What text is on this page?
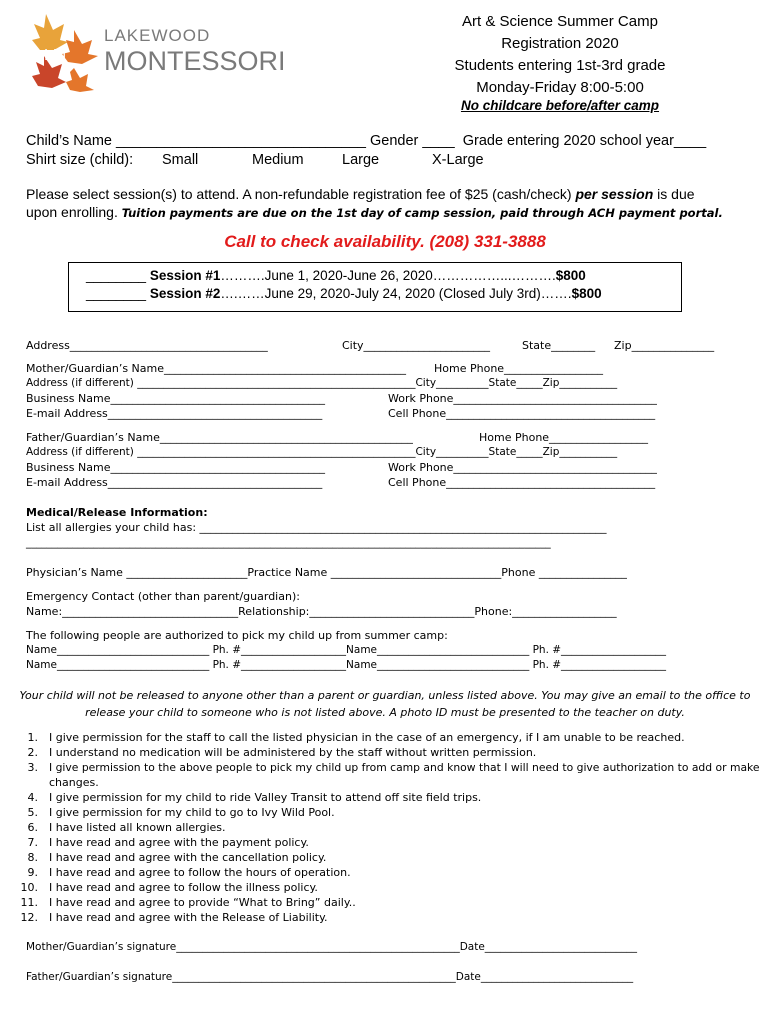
LM
LAKEWOOD
MONTESSORI
Art & Science Summer Camp
Registration 2020
Students entering 1st-3rd grade
Monday-Friday 8:00-5:00
No childcare before/after camp
Child’s Name _______________________________ Gender ____  Grade entering 2020 school year____
Shirt size (child): Small	Medium	Large	X-Large
Please select session(s) to attend. A non-refundable registration fee of $25 (cash/check) per session is due
upon enrolling. Tuition payments are due on the 1st day of camp session, paid through ACH payment portal.
Call to check availability. (208) 331-3888
________ Session #1……….June 1, 2020-June 26, 2020……………...……….$800
________ Session #2….……June 29, 2020-July 24, 2020 (Closed July 3rd)…….$800
Address____________________________________	City_______________________	State________ Zip_______________
Mother/Guardian’s Name____________________________________________	Home Phone__________________
Address (if different) _____________________________________________________City__________State_____Zip___________
Business Name_______________________________________	Work Phone_____________________________________
E-mail Address_______________________________________	Cell Phone______________________________________
Father/Guardian’s Name______________________________________________	Home Phone__________________
Address (if different) _____________________________________________________City__________State_____Zip___________
Business Name_______________________________________	Work Phone_____________________________________
E-mail Address_______________________________________	Cell Phone______________________________________
Medical/Release Information:
List all allergies your child has: __________________________________________________________________________
_____________________________________________________________________________________________________
Physician’s Name ______________________Practice Name _______________________________Phone ________________
Emergency Contact (other than parent/guardian):
Name:________________________________Relationship:______________________________Phone:___________________
The following people are authorized to pick my child up from summer camp:
Name_____________________________ Ph. #____________________Name_____________________________ Ph. #____________________
Name_____________________________ Ph. #____________________Name_____________________________ Ph. #____________________
Your child will not be released to anyone other than a parent or guardian, unless listed above. You may give an email to the office to
release your child to someone who is not listed above. A photo ID must be presented to the teacher on duty.
1. I give permission for the staff to call the listed physician in the case of an emergency, if I am unable to be reached.
2. I understand no medication will be administered by the staff without written permission.
3. I give permission to the above people to pick my child up from camp and know that I will need to give authorization to add or make
changes.
4. I give permission for my child to ride Valley Transit to attend off site field trips.
5. I give permission for my child to go to Ivy Wild Pool.
6. I have listed all known allergies.
7. I have read and agree with the payment policy.
8. I have read and agree with the cancellation policy.
9. I have read and agree to follow the hours of operation.
10. I have read and agree to follow the illness policy.
11. I have read and agree to provide “What to Bring” daily..
12. I have read and agree with the Release of Liability.
Mother/Guardian’s signature______________________________________________________Date_____________________________
Father/Guardian’s signature______________________________________________________Date_____________________________
